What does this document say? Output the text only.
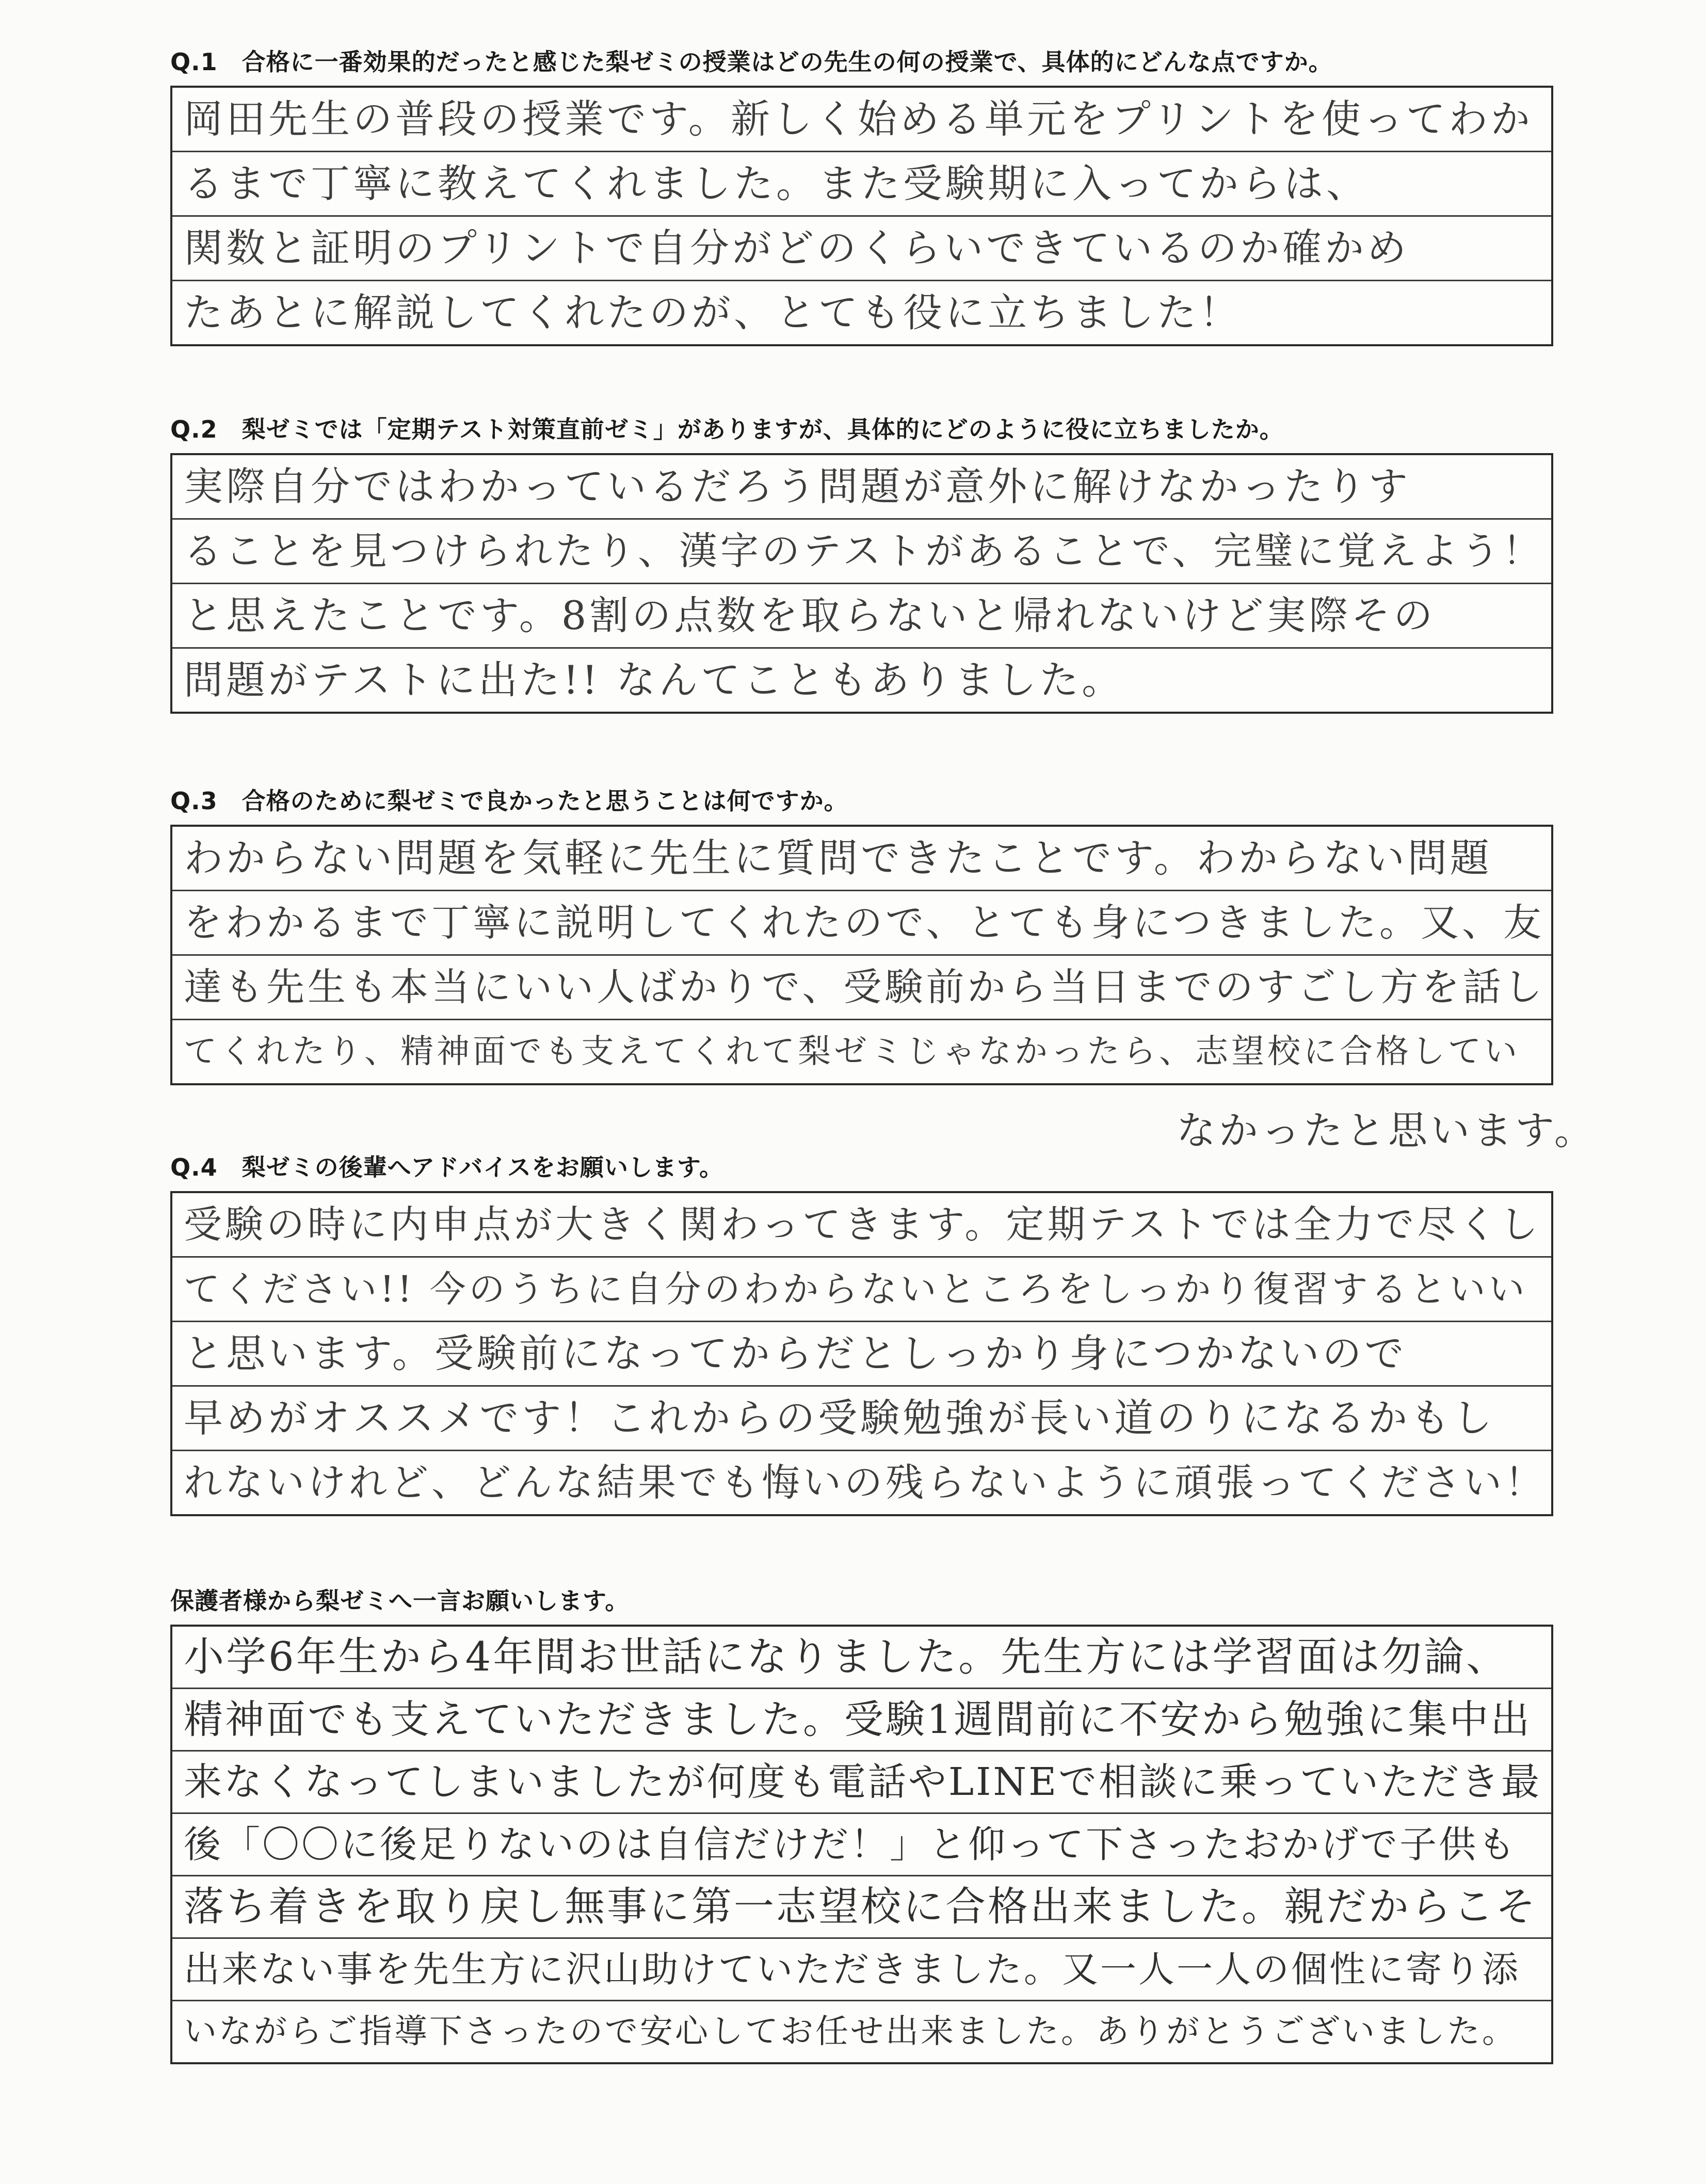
Q.1　合格に一番効果的だったと感じた梨ゼミの授業はどの先生の何の授業で、具体的にどんな点ですか。
岡田先生の普段の授業です。新しく始める単元をプリントを使ってわか
るまで丁寧に教えてくれました。また受験期に入ってからは、
関数と証明のプリントで自分がどのくらいできているのか確かめ
たあとに解説してくれたのが、とても役に立ちました！
Q.2　梨ゼミでは「定期テスト対策直前ゼミ」がありますが、具体的にどのように役に立ちましたか。
実際自分ではわかっているだろう問題が意外に解けなかったりす
ることを見つけられたり、漢字のテストがあることで、完璧に覚えよう！
と思えたことです。8割の点数を取らないと帰れないけど実際その
問題がテストに出た!! なんてこともありました。
Q.3　合格のために梨ゼミで良かったと思うことは何ですか。
わからない問題を気軽に先生に質問できたことです。わからない問題
をわかるまで丁寧に説明してくれたので、とても身につきました。又、友
達も先生も本当にいい人ばかりで、受験前から当日までのすごし方を話し
てくれたり、精神面でも支えてくれて梨ゼミじゃなかったら、志望校に合格してい
なかったと思います。
Q.4　梨ゼミの後輩へアドバイスをお願いします。
受験の時に内申点が大きく関わってきます。定期テストでは全力で尽くし
てください!! 今のうちに自分のわからないところをしっかり復習するといい
と思います。受験前になってからだとしっかり身につかないので
早めがオススメです！これからの受験勉強が長い道のりになるかもし
れないけれど、どんな結果でも悔いの残らないように頑張ってください！
保護者様から梨ゼミへ一言お願いします。
小学6年生から4年間お世話になりました。先生方には学習面は勿論、
精神面でも支えていただきました。受験1週間前に不安から勉強に集中出
来なくなってしまいましたが何度も電話やLINEで相談に乗っていただき最
後「〇〇に後足りないのは自信だけだ！」と仰って下さったおかげで子供も
落ち着きを取り戻し無事に第一志望校に合格出来ました。親だからこそ
出来ない事を先生方に沢山助けていただきました。又一人一人の個性に寄り添
いながらご指導下さったので安心してお任せ出来ました。ありがとうございました。
